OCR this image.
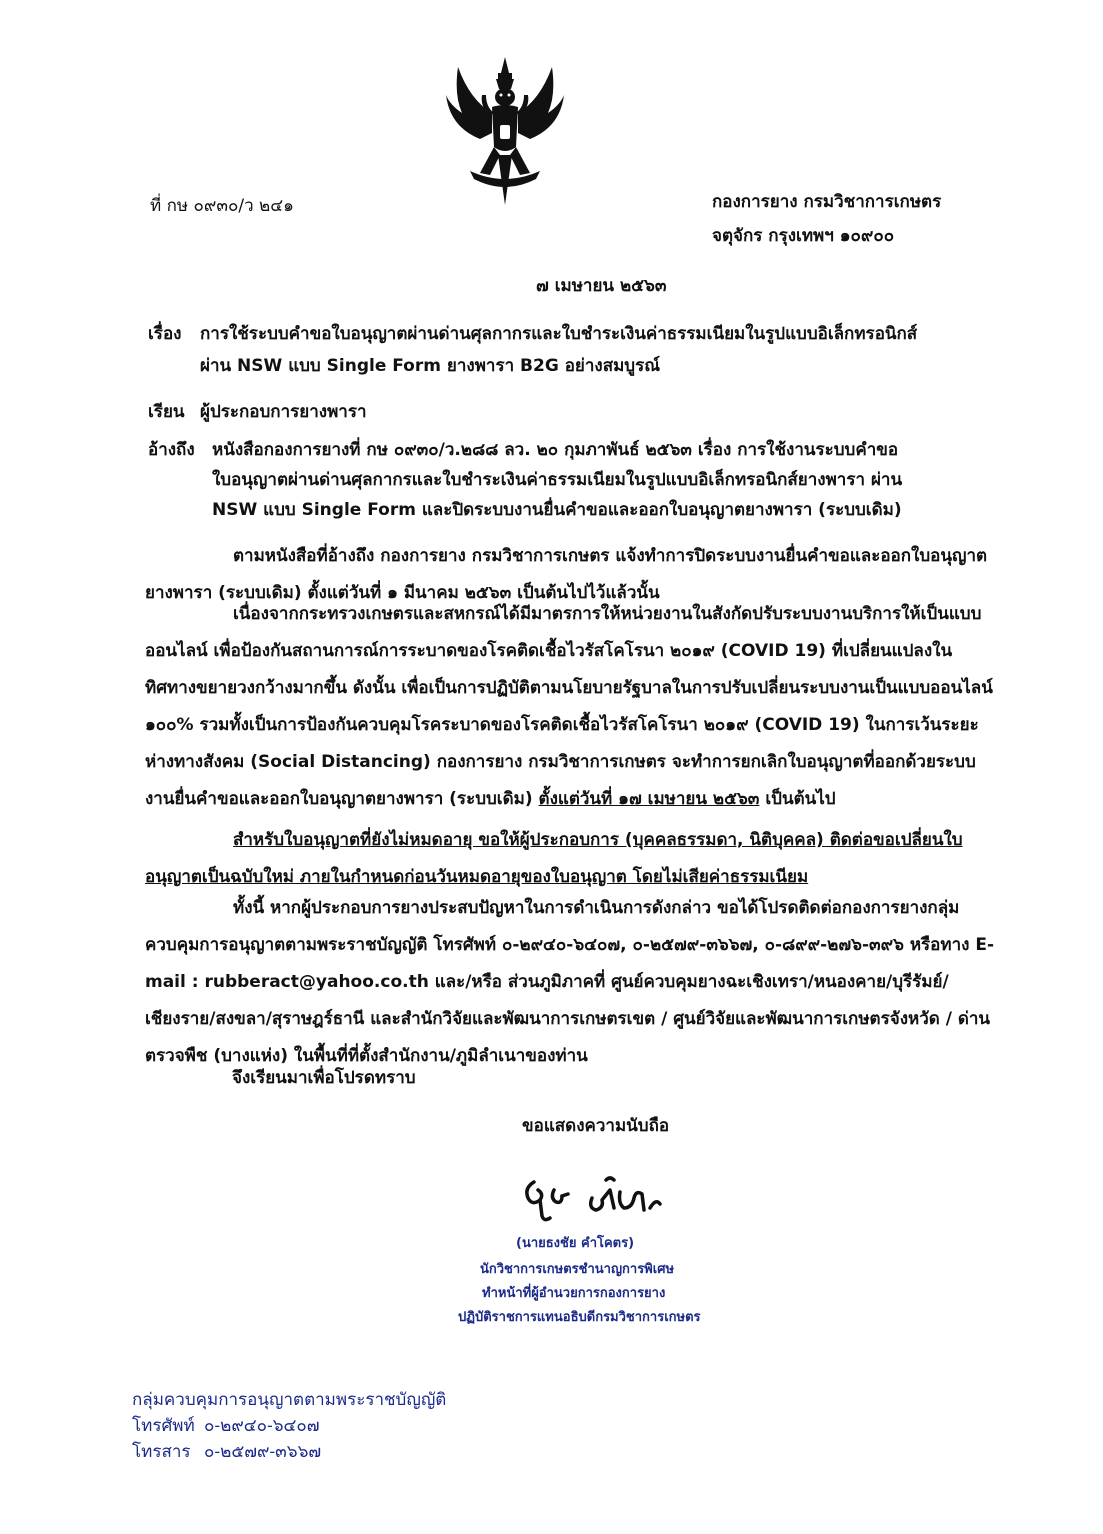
ที่ กษ ๐๙๓๐/ว ๒๔๑	กองการยาง กรมวิชาการเกษตร
จตุจักร กรุงเทพฯ ๑๐๙๐๐
๗ เมษายน ๒๕๖๓
เรื่อง การใช้ระบบคำขอใบอนุญาตผ่านด่านศุลกากรและใบชำระเงินค่าธรรมเนียมในรูปแบบอิเล็กทรอนิกส์
ผ่าน NSW แบบ Single Form ยางพารา B2G อย่างสมบูรณ์
เรียน ผู้ประกอบการยางพารา
อ้างถึง หนังสือกองการยางที่ กษ ๐๙๓๐/ว.๒๘๘ ลว. ๒๐ กุมภาพันธ์ ๒๕๖๓ เรื่อง การใช้งานระบบคำขอ
ใบอนุญาตผ่านด่านศุลกากรและใบชำระเงินค่าธรรมเนียมในรูปแบบอิเล็กทรอนิกส์ยางพารา ผ่าน
NSW แบบ Single Form และปิดระบบงานยื่นคำขอและออกใบอนุญาตยางพารา (ระบบเดิม)
ตามหนังสือที่อ้างถึง กองการยาง กรมวิชาการเกษตร แจ้งทำการปิดระบบงานยื่นคำขอและออกใบอนุญาตยางพารา (ระบบเดิม) ตั้งแต่วันที่ ๑ มีนาคม ๒๕๖๓ เป็นต้นไปไว้แล้วนั้น
เนื่องจากกระทรวงเกษตรและสหกรณ์ได้มีมาตรการให้หน่วยงานในสังกัดปรับระบบงานบริการให้เป็นแบบออนไลน์ เพื่อป้องกันสถานการณ์การระบาดของโรคติดเชื้อไวรัสโคโรนา ๒๐๑๙ (COVID 19) ที่เปลี่ยนแปลงในทิศทางขยายวงกว้างมากขึ้น ดังนั้น เพื่อเป็นการปฏิบัติตามนโยบายรัฐบาลในการปรับเปลี่ยนระบบงานเป็นแบบออนไลน์ ๑๐๐% รวมทั้งเป็นการป้องกันควบคุมโรคระบาดของโรคติดเชื้อไวรัสโคโรนา ๒๐๑๙ (COVID 19) ในการเว้นระยะห่างทางสังคม (Social Distancing) กองการยาง กรมวิชาการเกษตร จะทำการยกเลิกใบอนุญาตที่ออกด้วยระบบงานยื่นคำขอและออกใบอนุญาตยางพารา (ระบบเดิม) ตั้งแต่วันที่ ๑๗ เมษายน ๒๕๖๓ เป็นต้นไป
สำหรับใบอนุญาตที่ยังไม่หมดอายุ ขอให้ผู้ประกอบการ (บุคคลธรรมดา, นิติบุคคล) ติดต่อขอเปลี่ยนใบอนุญาตเป็นฉบับใหม่ ภายในกำหนดก่อนวันหมดอายุของใบอนุญาต โดยไม่เสียค่าธรรมเนียม
ทั้งนี้ หากผู้ประกอบการยางประสบปัญหาในการดำเนินการดังกล่าว ขอได้โปรดติดต่อกองการยางกลุ่มควบคุมการอนุญาตตามพระราชบัญญัติ โทรศัพท์ ๐-๒๙๔๐-๖๔๐๗, ๐-๒๕๗๙-๓๖๖๗, ๐-๘๙๙-๒๗๖-๓๙๖ หรือทาง E-mail : rubberact@yahoo.co.th และ/หรือ ส่วนภูมิภาคที่ ศูนย์ควบคุมยางฉะเชิงเทรา/หนองคาย/บุรีรัมย์/เชียงราย/สงขลา/สุราษฎร์ธานี และสำนักวิจัยและพัฒนาการเกษตรเขต / ศูนย์วิจัยและพัฒนาการเกษตรจังหวัด / ด่านตรวจพืช (บางแห่ง) ในพื้นที่ที่ตั้งสำนักงาน/ภูมิลำเนาของท่าน
จึงเรียนมาเพื่อโปรดทราบ
ขอแสดงความนับถือ
(นายธงชัย คำโคตร)
นักวิชาการเกษตรชำนาญการพิเศษ
ทำหน้าที่ผู้อำนวยการกองการยาง
ปฏิบัติราชการแทนอธิบดีกรมวิชาการเกษตร
กลุ่มควบคุมการอนุญาตตามพระราชบัญญัติ
โทรศัพท์ ๐-๒๙๔๐-๖๔๐๗
โทรสาร ๐-๒๕๗๙-๓๖๖๗
